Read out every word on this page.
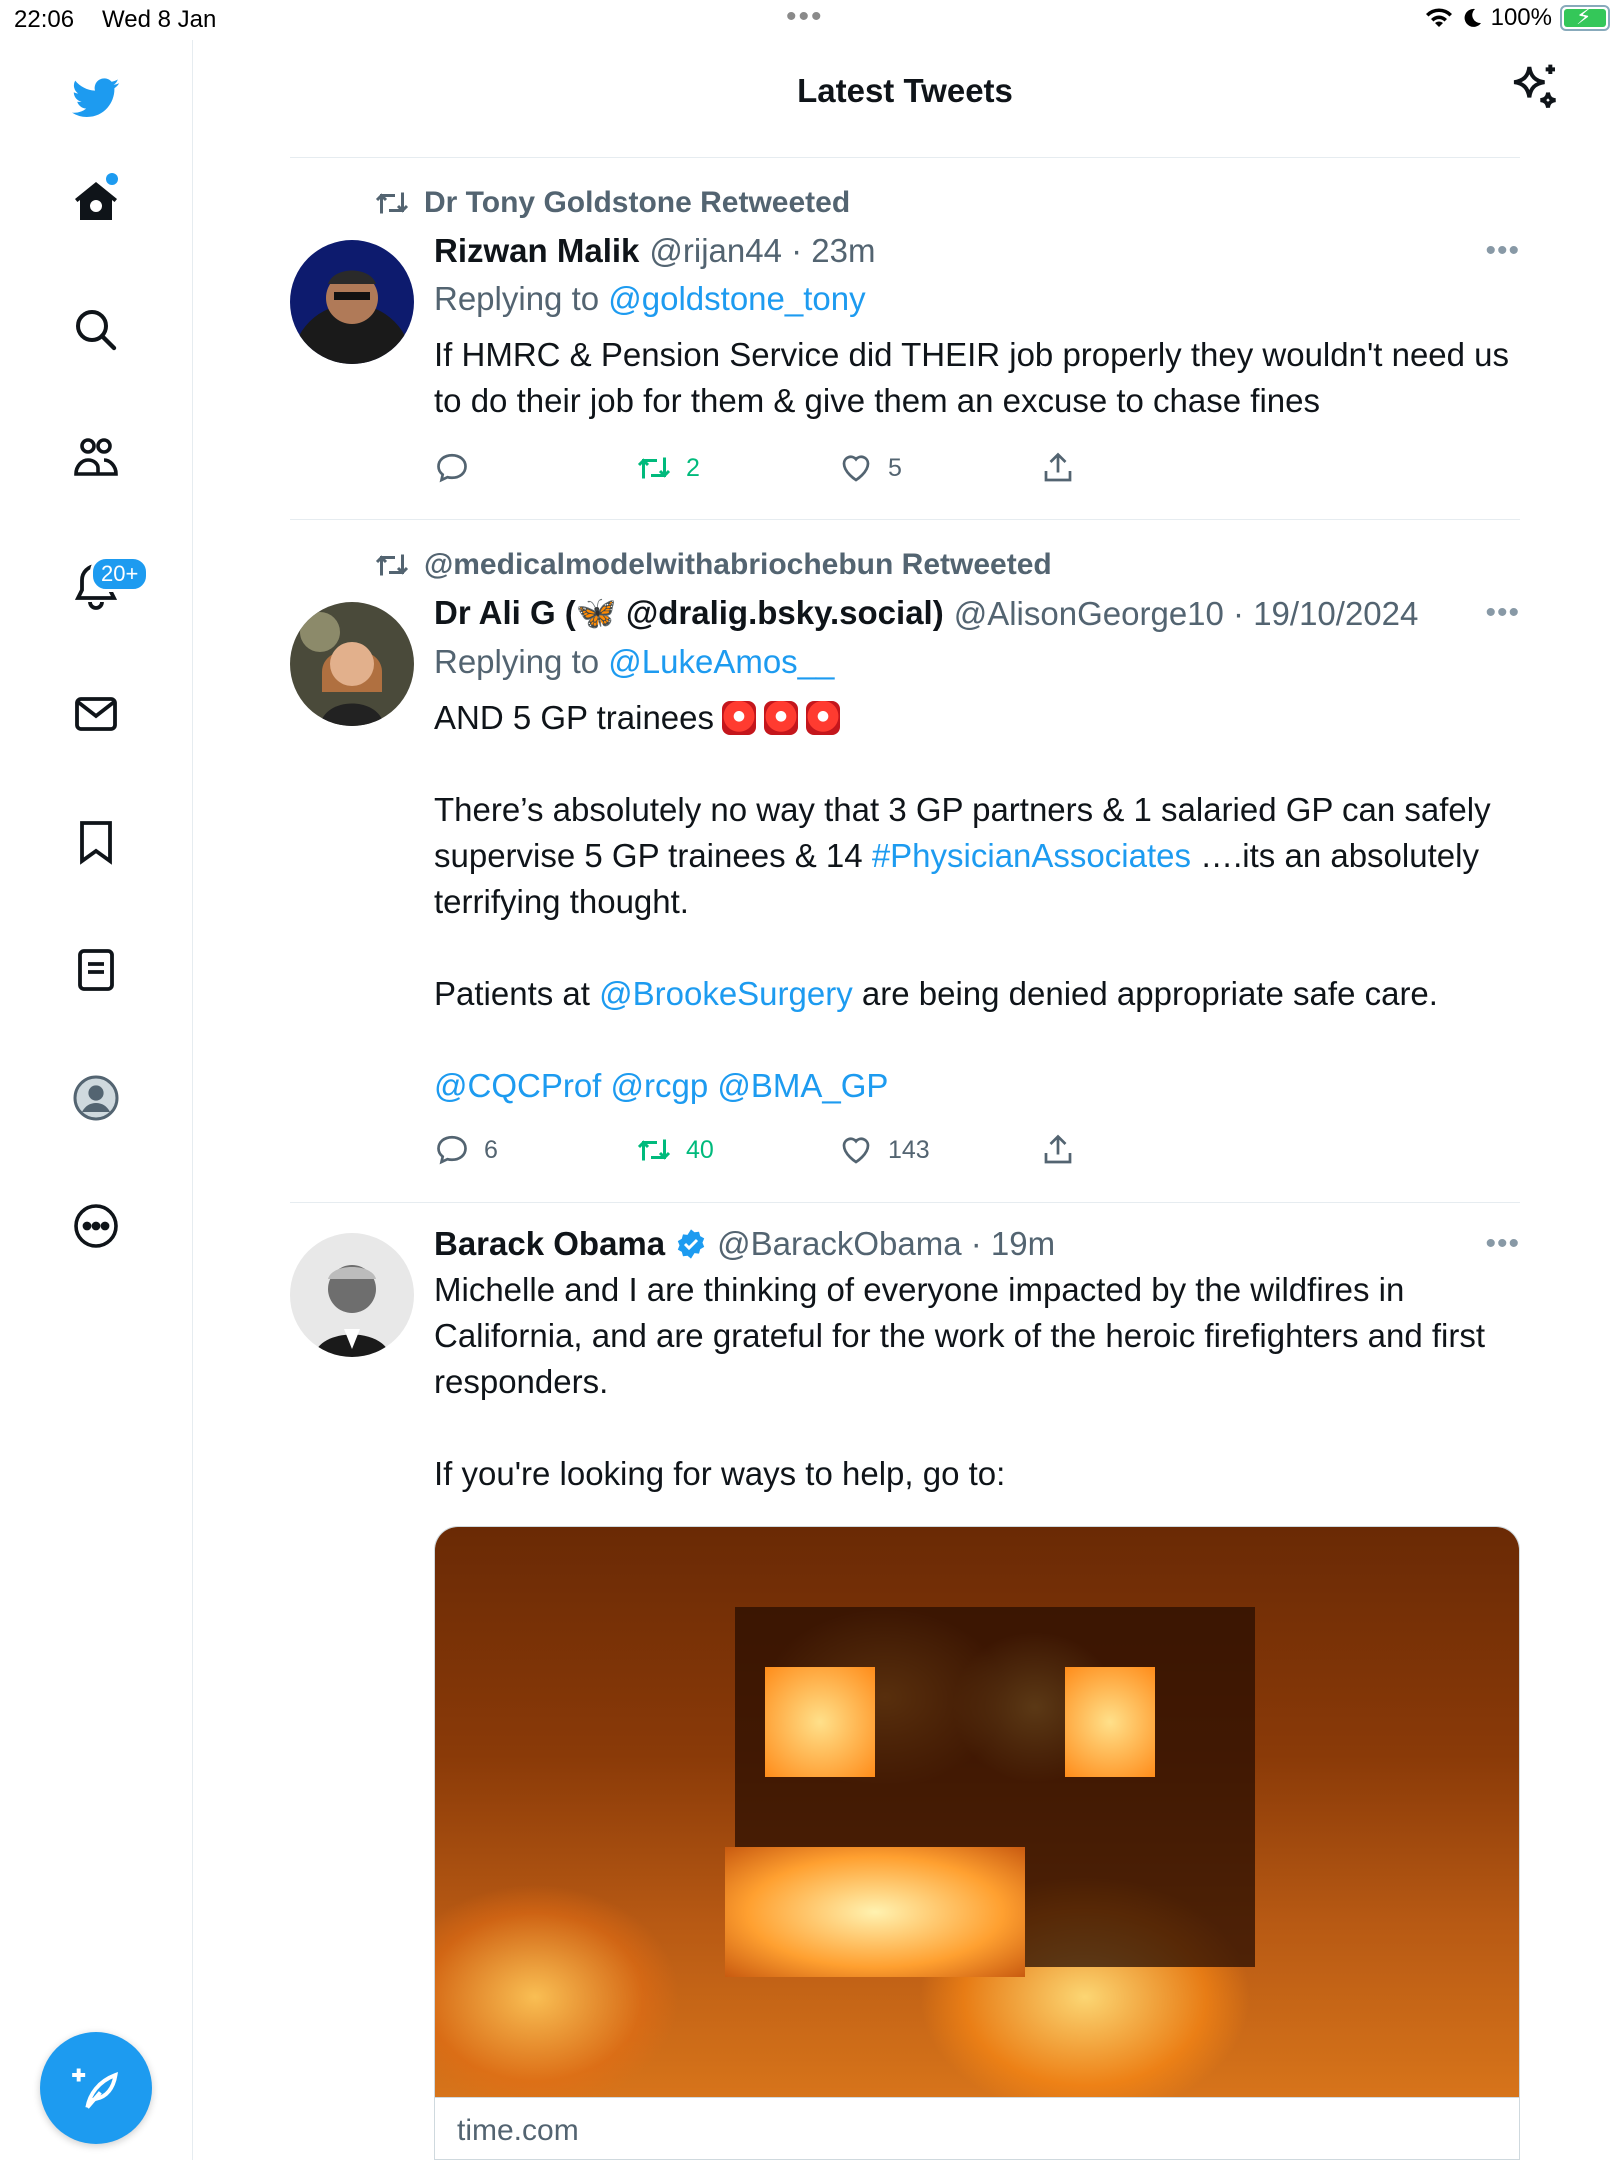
22:06 Wed 8 Jan	•••	100% ⚡
20+
Latest Tweets
Dr Tony Goldstone Retweeted
Rizwan Malik @rijan44 · 23m
Replying to @goldstone_tony
If HMRC & Pension Service did THEIR job properly they wouldn't need us to do their job for them & give them an excuse to chase fines
•••
2	5
@medicalmodelwithabriochebun Retweeted
Dr Ali G (🦋 @dralig.bsky.social) @AlisonGeorge10 · 19/10/2024
Replying to @LukeAmos__
AND 5 GP trainees

There’s absolutely no way that 3 GP partners & 1 salaried GP can safely supervise 5 GP trainees & 14 #PhysicianAssociates ….its an absolutely terrifying thought.

Patients at @BrookeSurgery are being denied appropriate safe care.

@CQCProf @rcgp @BMA_GP
•••
6	40	143
Barack Obama @BarackObama · 19m
Michelle and I are thinking of everyone impacted by the wildfires in California, and are grateful for the work of the heroic firefighters and first responders.

If you're looking for ways to help, go to:
•••
time.com
